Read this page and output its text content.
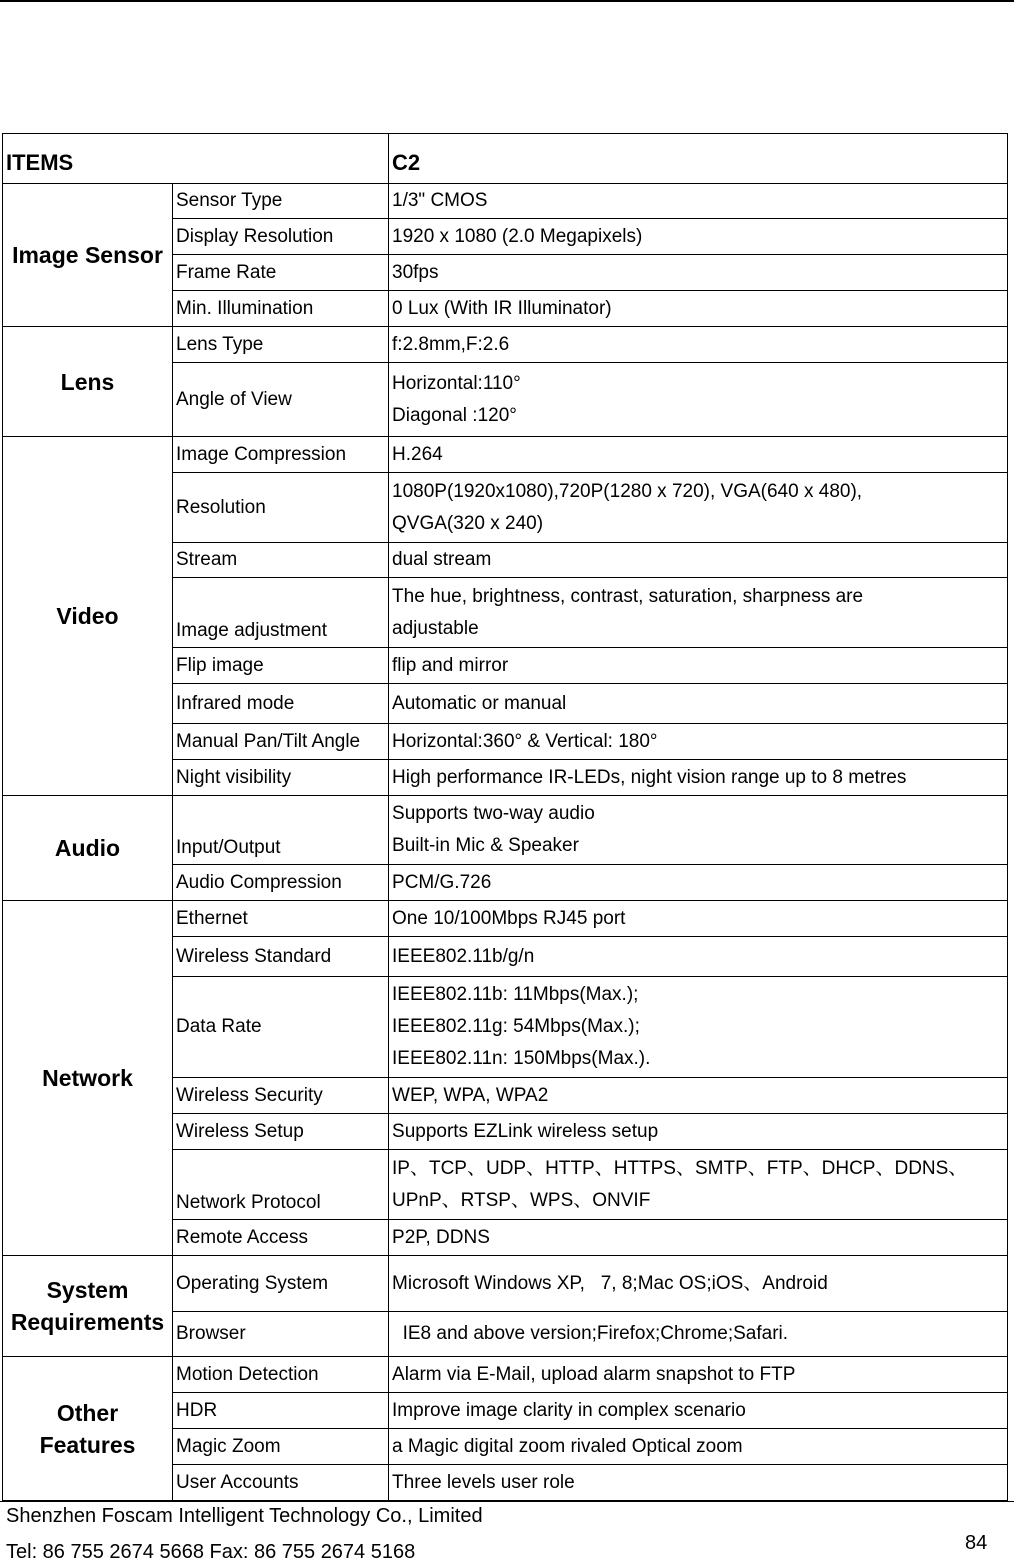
ITEMS		C2
Image Sensor	Sensor Type	1/3" CMOS
	Display Resolution	1920 x 1080 (2.0 Megapixels)
	Frame Rate	30fps
	Min. Illumination	0 Lux (With IR Illuminator)
Lens	Lens Type	f:2.8mm,F:2.6
	Angle of View	Horizontal:110°
Diagonal :120°

Video	Image Compression	H.264
	Resolution	1080P(1920x1080),720P(1280 x 720), VGA(640 x 480),
QVGA(320 x 240)

	Stream	dual stream
	Image adjustment	The hue, brightness, contrast, saturation, sharpness are
adjustable

	Flip image	flip and mirror
	Infrared mode	Automatic or manual
	Manual Pan/Tilt Angle	Horizontal:360° & Vertical: 180°
	Night visibility	High performance IR-LEDs, night vision range up to 8 metres
Audio	Input/Output	Supports two-way audio
Built-in Mic & Speaker

	Audio Compression	PCM/G.726
Network	Ethernet	One 10/100Mbps RJ45 port
	Wireless Standard	IEEE802.11b/g/n
	Data Rate	IEEE802.11b: 11Mbps(Max.);
IEEE802.11g: 54Mbps(Max.);
IEEE802.11n: 150Mbps(Max.).

	Wireless Security	WEP, WPA, WPA2
	Wireless Setup	Supports EZLink wireless setup
	Network Protocol	IP、TCP、UDP、HTTP、HTTPS、SMTP、FTP、DHCP、DDNS、
UPnP、RTSP、WPS、ONVIF

	Remote Access	P2P, DDNS

System
Requirements	Operating System	Microsoft Windows XP,   7, 8;Mac OS;iOS、Android
	Browser	IE8 and above version;Firefox;Chrome;Safari.

Other
Features	Motion Detection	Alarm via E-Mail, upload alarm snapshot to FTP
	HDR	Improve image clarity in complex scenario
	Magic Zoom	a Magic digital zoom rivaled Optical zoom
	User Accounts	Three levels user role
Shenzhen Foscam Intelligent Technology Co., Limited
Tel: 86 755 2674 5668 Fax: 86 755 2674 5168	84
